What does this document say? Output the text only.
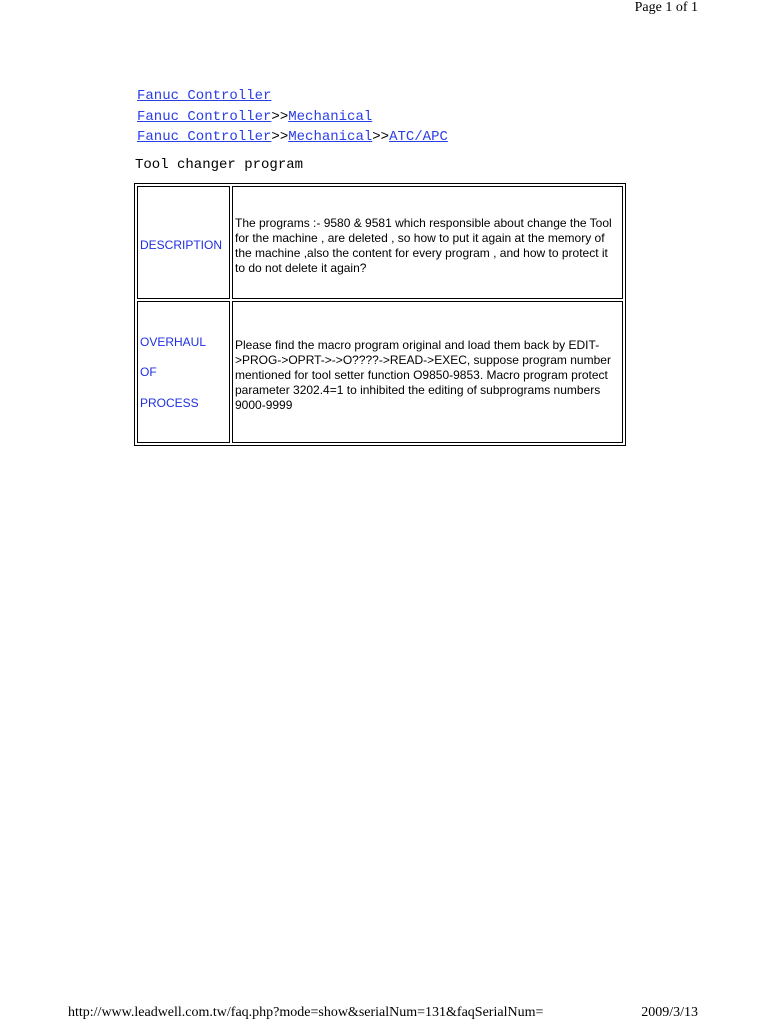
Page 1 of 1
Fanuc Controller
Fanuc Controller>>Mechanical
Fanuc Controller>>Mechanical>>ATC/APC
Tool changer program
DESCRIPTION
The programs :- 9580 & 9581 which responsible about change the Tool for the machine , are deleted , so how to put it again at the memory of the machine ,also the content for every program , and how to protect it to do not delete it again?
OVERHAUL
OF
PROCESS
Please find the macro program original and load them back by EDIT->PROG->OPRT->->O????->READ->EXEC, suppose program number mentioned for tool setter function O9850-9853. Macro program protect parameter 3202.4=1 to inhibited the editing of subprograms numbers 9000-9999
http://www.leadwell.com.tw/faq.php?mode=show&serialNum=131&faqSerialNum=	2009/3/13
